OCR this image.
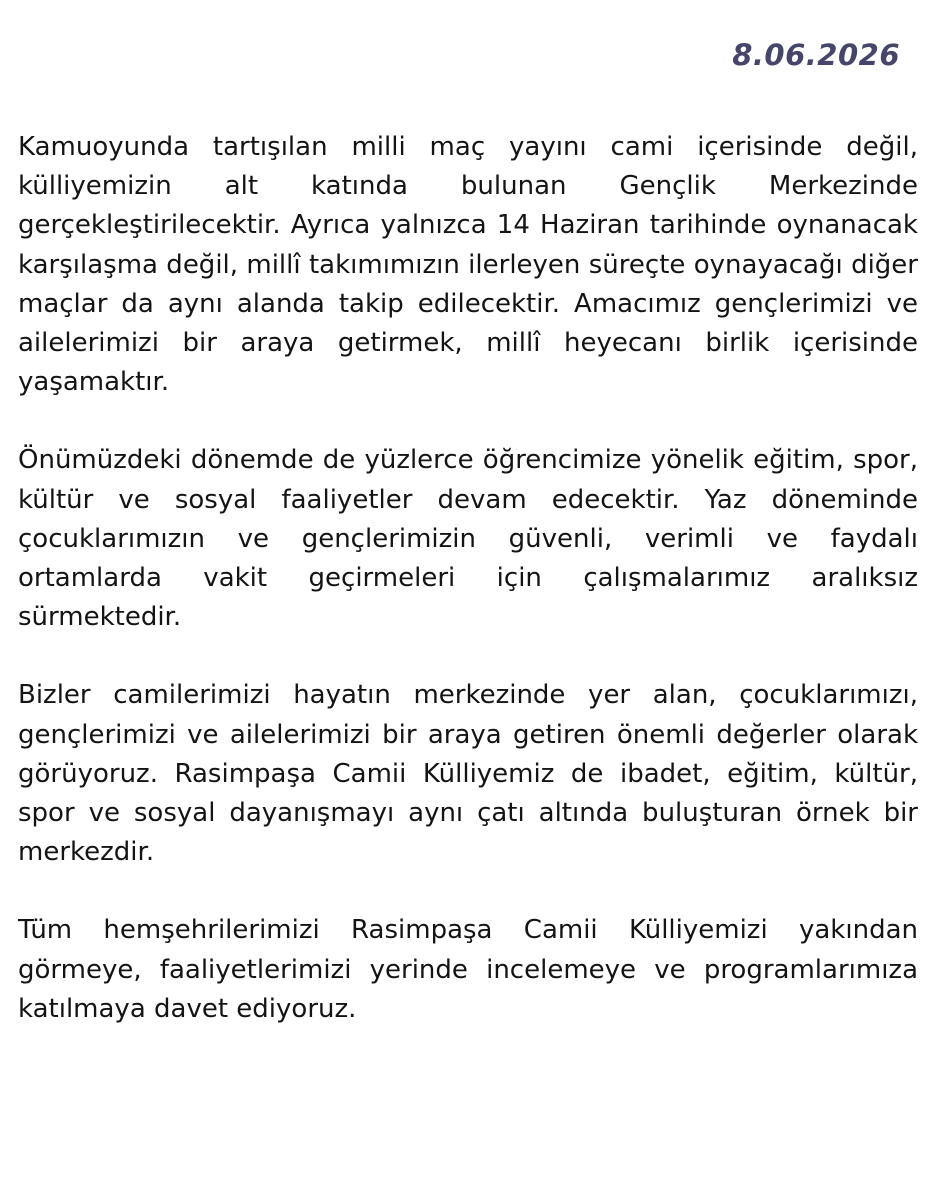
8.06.2026

Kamuoyunda tartışılan milli maç yayını cami içerisinde değil, külliyemizin alt katında bulunan Gençlik Merkezinde gerçekleştirilecektir. Ayrıca yalnızca 14 Haziran tarihinde oynanacak karşılaşma değil, millî takımımızın ilerleyen süreçte oynayacağı diğer maçlar da aynı alanda takip edilecektir. Amacımız gençlerimizi ve ailelerimizi bir araya getirmek, millî heyecanı birlik içerisinde yaşamaktır.

Önümüzdeki dönemde de yüzlerce öğrencimize yönelik eğitim, spor, kültür ve sosyal faaliyetler devam edecektir. Yaz döneminde çocuklarımızın ve gençlerimizin güvenli, verimli ve faydalı ortamlarda vakit geçirmeleri için çalışmalarımız aralıksız sürmektedir.

Bizler camilerimizi hayatın merkezinde yer alan, çocuklarımızı, gençlerimizi ve ailelerimizi bir araya getiren önemli değerler olarak görüyoruz. Rasimpaşa Camii Külliyemiz de ibadet, eğitim, kültür, spor ve sosyal dayanışmayı aynı çatı altında buluşturan örnek bir merkezdir.

Tüm hemşehrilerimizi Rasimpaşa Camii Külliyemizi yakından görmeye, faaliyetlerimizi yerinde incelemeye ve programlarımıza katılmaya davet ediyoruz.
